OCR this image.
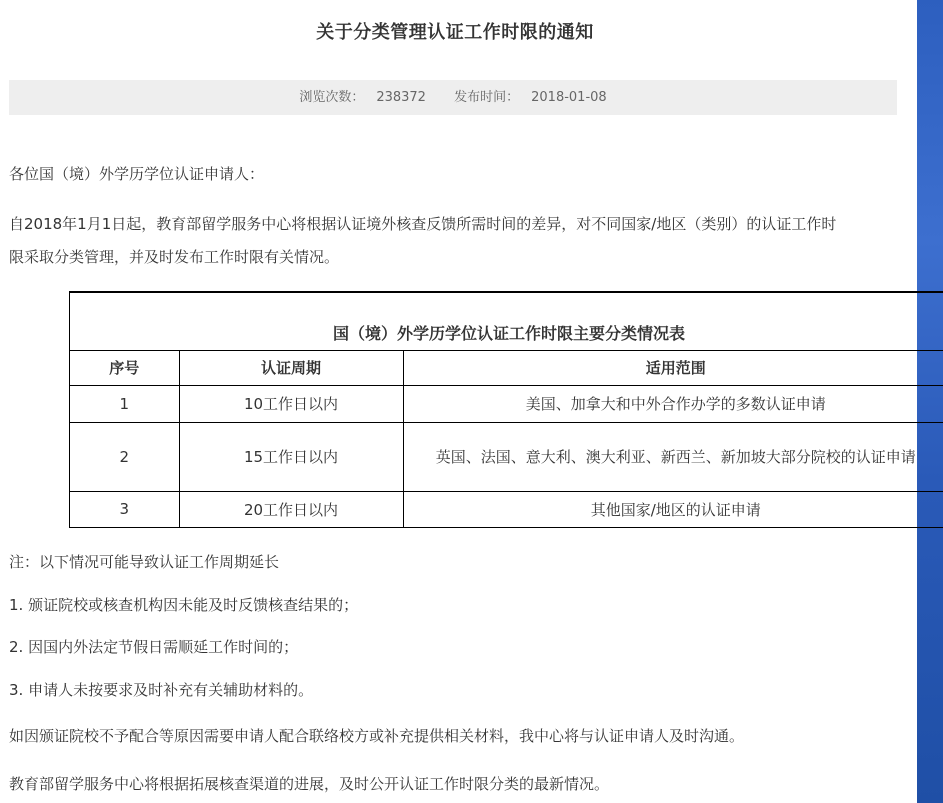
关于分类管理认证工作时限的通知
浏览次数： 238372 发布时间： 2018-01-08

各位国（境）外学历学位认证申请人：

自2018年1月1日起，教育部留学服务中心将根据认证境外核查反馈所需时间的差异，对不同国家/地区（类别）的认证工作时

限采取分类管理，并及时发布工作时限有关情况。

国（境）外学历学位认证工作时限主要分类情况表		
序号	认证周期	适用范围
1	10工作日以内	美国、加拿大和中外合作办学的多数认证申请
2	15工作日以内	英国、法国、意大利、澳大利亚、新西兰、新加坡大部分院校的认证申请
3	20工作日以内	其他国家/地区的认证申请

注：以下情况可能导致认证工作周期延长

1. 颁证院校或核查机构因未能及时反馈核查结果的；

2. 因国内外法定节假日需顺延工作时间的；

3. 申请人未按要求及时补充有关辅助材料的。

如因颁证院校不予配合等原因需要申请人配合联络校方或补充提供相关材料，我中心将与认证申请人及时沟通。

教育部留学服务中心将根据拓展核查渠道的进展，及时公开认证工作时限分类的最新情况。
